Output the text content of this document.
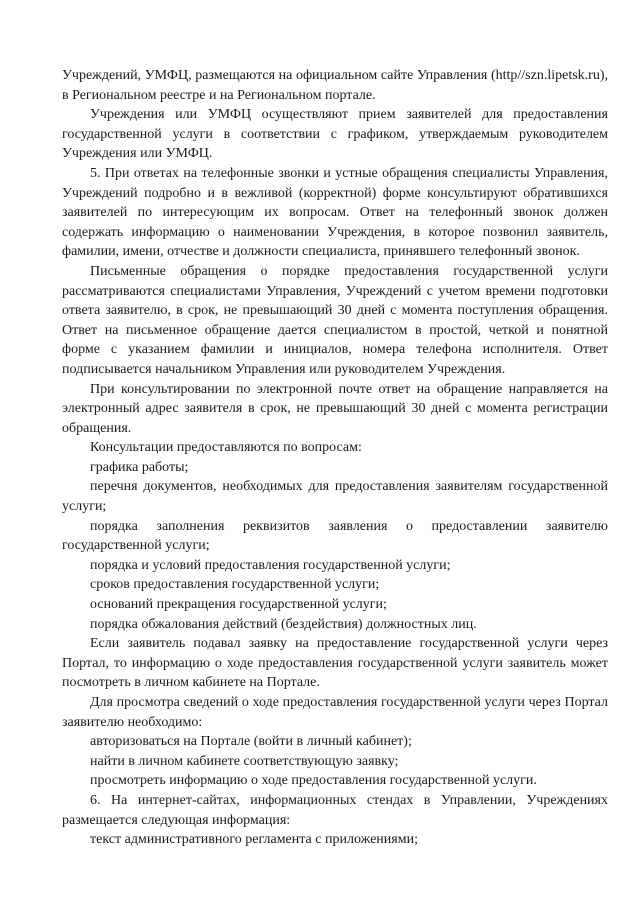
Учреждений, УМФЦ, размещаются на официальном сайте Управления (http//szn.lipetsk.ru), в Региональном реестре и на Региональном портале.

Учреждения или УМФЦ осуществляют прием заявителей для предоставления государственной услуги в соответствии с графиком, утверждаемым руководителем Учреждения или УМФЦ.

5. При ответах на телефонные звонки и устные обращения специалисты Управления, Учреждений подробно и в вежливой (корректной) форме консультируют обратившихся заявителей по интересующим их вопросам. Ответ на телефонный звонок должен содержать информацию о наименовании Учреждения, в которое позвонил заявитель, фамилии, имени, отчестве и должности специалиста, принявшего телефонный звонок.

Письменные обращения о порядке предоставления государственной услуги рассматриваются специалистами Управления, Учреждений с учетом времени подготовки ответа заявителю, в срок, не превышающий 30 дней с момента поступления обращения. Ответ на письменное обращение дается специалистом в простой, четкой и понятной форме с указанием фамилии и инициалов, номера телефона исполнителя. Ответ подписывается начальником Управления или руководителем Учреждения.

При консультировании по электронной почте ответ на обращение направляется на электронный адрес заявителя в срок, не превышающий 30 дней с момента регистрации обращения.

Консультации предоставляются по вопросам:

графика работы;

перечня документов, необходимых для предоставления заявителям государственной услуги;

порядка заполнения реквизитов заявления о предоставлении заявителю государственной услуги;

порядка и условий предоставления государственной услуги;

сроков предоставления государственной услуги;

оснований прекращения государственной услуги;

порядка обжалования действий (бездействия) должностных лиц.

Если заявитель подавал заявку на предоставление государственной услуги через Портал, то информацию о ходе предоставления государственной услуги заявитель может посмотреть в личном кабинете на Портале.

Для просмотра сведений о ходе предоставления государственной услуги через Портал заявителю необходимо:

авторизоваться на Портале (войти в личный кабинет);

найти в личном кабинете соответствующую заявку;

просмотреть информацию о ходе предоставления государственной услуги.

6. На интернет-сайтах, информационных стендах в Управлении, Учреждениях размещается следующая информация:

текст административного регламента с приложениями;
